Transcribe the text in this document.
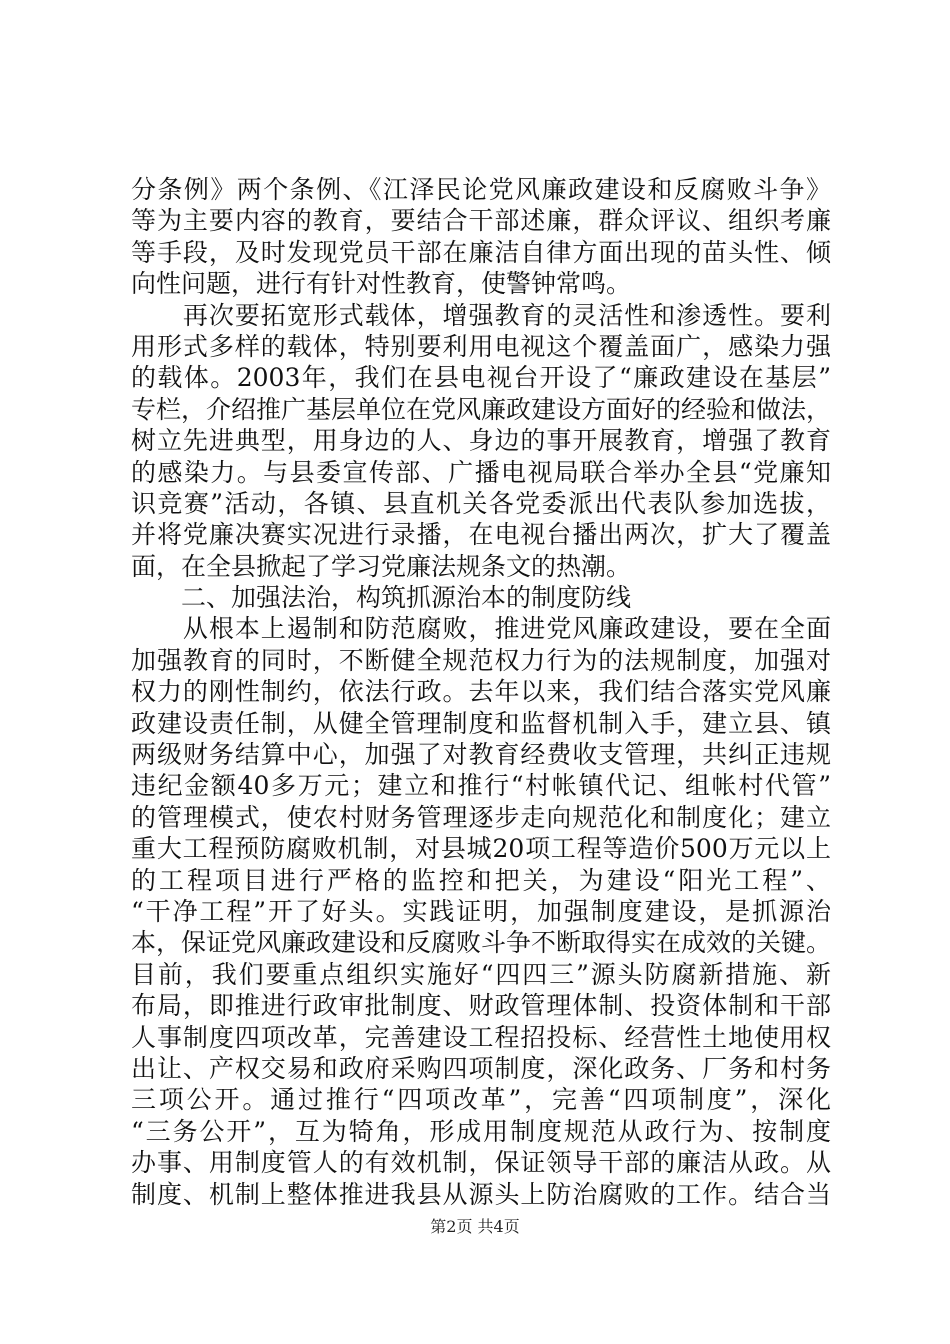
分条例》两个条例、《江泽民论党风廉政建设和反腐败斗争》
等为主要内容的教育，要结合干部述廉，群众评议、组织考廉
等手段，及时发现党员干部在廉洁自律方面出现的苗头性、倾
向性问题，进行有针对性教育，使警钟常鸣。
　　再次要拓宽形式载体，增强教育的灵活性和渗透性。要利
用形式多样的载体，特别要利用电视这个覆盖面广，感染力强
的载体。2003年，我们在县电视台开设了“廉政建设在基层”
专栏，介绍推广基层单位在党风廉政建设方面好的经验和做法，
树立先进典型，用身边的人、身边的事开展教育，增强了教育
的感染力。与县委宣传部、广播电视局联合举办全县“党廉知
识竞赛”活动，各镇、县直机关各党委派出代表队参加选拔，
并将党廉决赛实况进行录播，在电视台播出两次，扩大了覆盖
面，在全县掀起了学习党廉法规条文的热潮。
　　二、加强法治，构筑抓源治本的制度防线
　　从根本上遏制和防范腐败，推进党风廉政建设，要在全面
加强教育的同时，不断健全规范权力行为的法规制度，加强对
权力的刚性制约，依法行政。去年以来，我们结合落实党风廉
政建设责任制，从健全管理制度和监督机制入手，建立县、镇
两级财务结算中心，加强了对教育经费收支管理，共纠正违规
违纪金额40多万元；建立和推行“村帐镇代记、组帐村代管”
的管理模式，使农村财务管理逐步走向规范化和制度化；建立
重大工程预防腐败机制，对县城20项工程等造价500万元以上
的工程项目进行严格的监控和把关，为建设“阳光工程”、
“干净工程”开了好头。实践证明，加强制度建设，是抓源治
本，保证党风廉政建设和反腐败斗争不断取得实在成效的关键。
目前，我们要重点组织实施好“四四三”源头防腐新措施、新
布局，即推进行政审批制度、财政管理体制、投资体制和干部
人事制度四项改革，完善建设工程招投标、经营性土地使用权
出让、产权交易和政府采购四项制度，深化政务、厂务和村务
三项公开。通过推行“四项改革”，完善“四项制度”，深化
“三务公开”，互为犄角，形成用制度规范从政行为、按制度
办事、用制度管人的有效机制，保证领导干部的廉洁从政。从
制度、机制上整体推进我县从源头上防治腐败的工作。结合当
第2页 共4页
